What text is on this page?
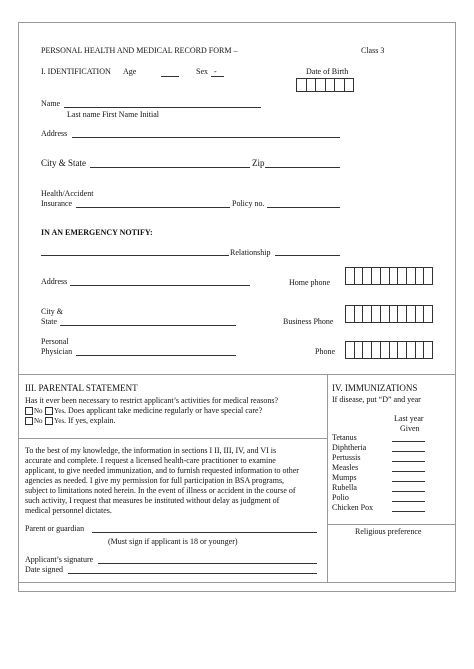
PERSONAL HEALTH AND MEDICAL RECORD FORM –	Class 3
I. IDENTIFICATION Age	Sex -	Date of Birth
Name
Last name First Name Initial
Address
City & State	Zip
Health/Accident
Insurance	Policy no.
IN AN EMERGENCY NOTIFY:
Relationship
Address	Home phone
City &
State	Business Phone
Personal
Physician	Phone
III. PARENTAL STATEMENT
Has it ever been necessary to restrict applicant’s activities for medical reasons?
No Yes . Does applicant take medicine regularly or have special care?
No Yes . If yes, explain.
To the best of my knowledge, the information in sections I II, III, IV, and VI is
accurate and complete. I request a licensed health-care practitioner to examine
applicant, to give needed immunization, and to furnish requested information to other
agencies as needed. I give my permission for full participation in BSA programs,
subject to limitations noted herein. In the event of illness or accident in the course of
such activity, I request that measures be instituted without delay as judgment of
medical personnel dictates.
Parent or guardian
(Must sign if applicant is 18 or younger)
Applicant’s signature
Date signed
IV. IMMUNIZATIONS
If disease, put “D” and year
Last year
Given
Tetanus
Diphtheria
Pertussis
Measles
Mumps
Rubella
Polio
Chicken Pox
Religious preference
